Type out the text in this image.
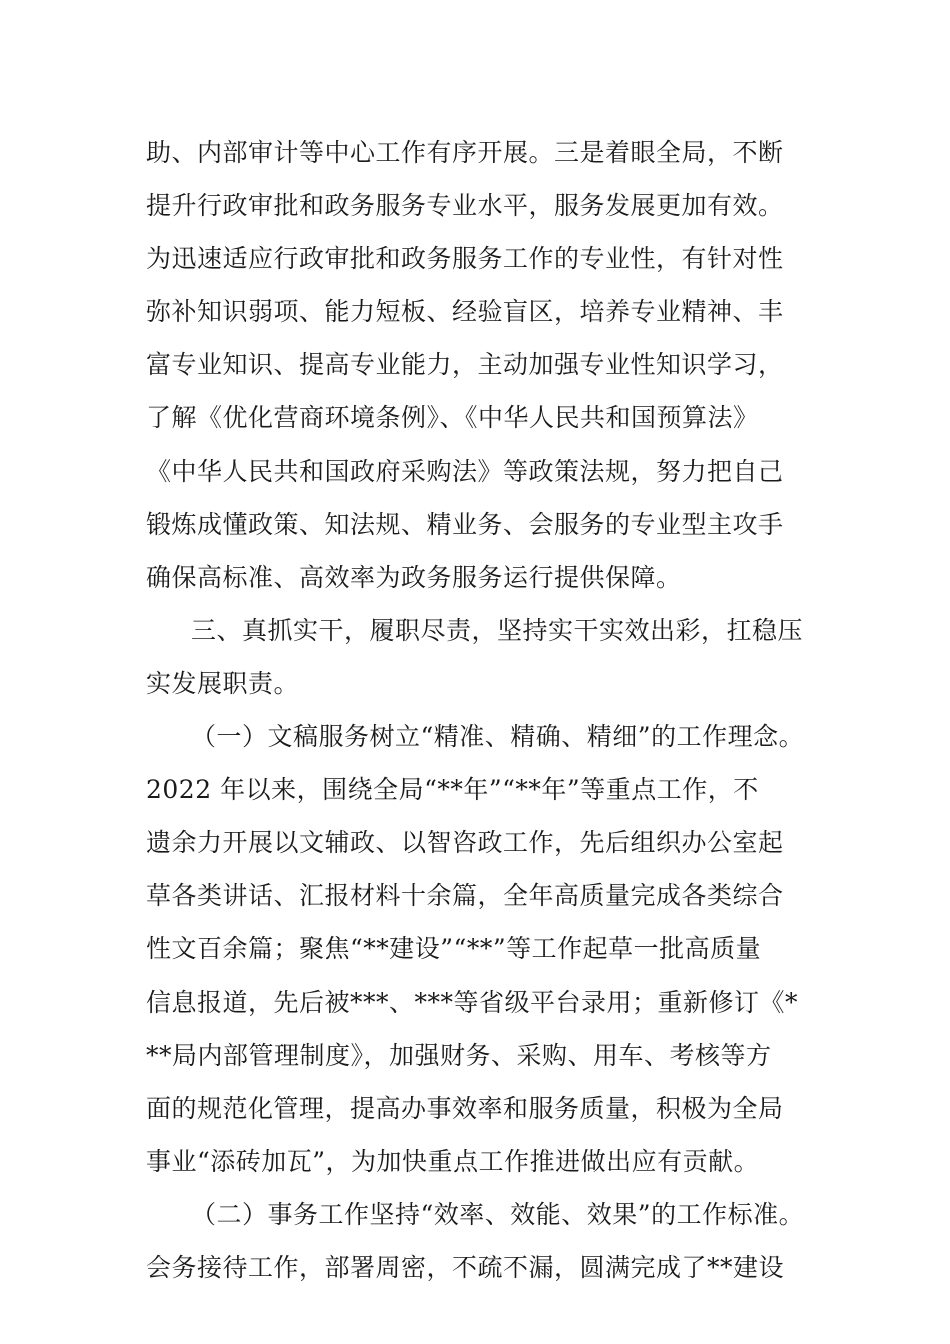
助、内部审计等中心工作有序开展。三是着眼全局，不断
提升行政审批和政务服务专业水平，服务发展更加有效。
为迅速适应行政审批和政务服务工作的专业性，有针对性
弥补知识弱项、能力短板、经验盲区，培养专业精神、丰
富专业知识、提高专业能力，主动加强专业性知识学习，
了解《优化营商环境条例》、《中华人民共和国预算法》
《中华人民共和国政府采购法》等政策法规，努力把自己
锻炼成懂政策、知法规、精业务、会服务的专业型主攻手
确保高标准、高效率为政务服务运行提供保障。
三、真抓实干，履职尽责，坚持实干实效出彩，扛稳压
实发展职责。
（一）文稿服务树立“精准、精确、精细”的工作理念。
2022 年以来，围绕全局“**年”“**年”等重点工作，不
遗余力开展以文辅政、以智咨政工作，先后组织办公室起
草各类讲话、汇报材料十余篇，全年高质量完成各类综合
性文百余篇；聚焦“**建设”“**”等工作起草一批高质量
信息报道，先后被***、***等省级平台录用；重新修订《*
**局内部管理制度》，加强财务、采购、用车、考核等方
面的规范化管理，提高办事效率和服务质量，积极为全局
事业“添砖加瓦”，为加快重点工作推进做出应有贡献。
（二）事务工作坚持“效率、效能、效果”的工作标准。
会务接待工作，部署周密，不疏不漏，圆满完成了**建设
